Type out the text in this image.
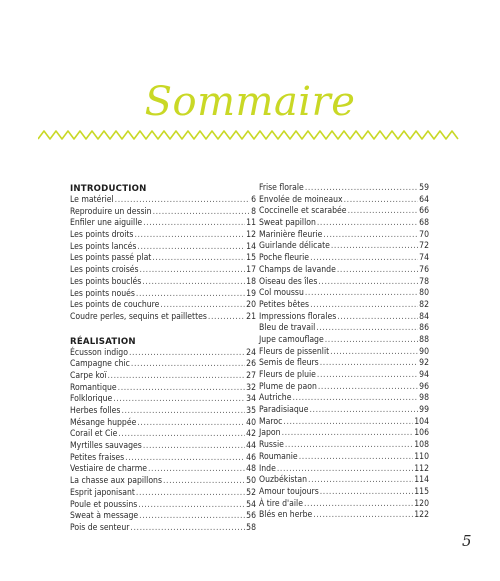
Sommaire
INTRODUCTION
Le matériel .....	6
Reproduire un dessin .....	8
Enfiler une aiguille .....	11
Les points droits .....	12
Les points lancés .....	14
Les points passé plat .....	15
Les points croisés .....	17
Les points bouclés .....	18
Les points noués .....	19
Les points de couchure .....	20
Coudre perles, sequins et paillettes .....	21
RÉALISATION
Écusson indigo .....	24
Campagne chic .....	26
Carpe koï .....	27
Romantique .....	32
Folklorique .....	34
Herbes folles .....	35
Mésange huppée .....	40
Corail et Cie .....	42
Myrtilles sauvages .....	44
Petites fraises .....	46
Vestiaire de charme .....	48
La chasse aux papillons .....	50
Esprit japonisant .....	52
Poule et poussins .....	54
Sweat à message .....	56
Pois de senteur .....	58
Frise florale .....	59
Envolée de moineaux .....	64
Coccinelle et scarabée .....	66
Sweat papillon .....	68
Marinière fleurie .....	70
Guirlande délicate .....	72
Poche fleurie .....	74
Champs de lavande .....	76
Oiseau des îles .....	78
Col moussu .....	80
Petites bêtes .....	82
Impressions florales .....	84
Bleu de travail .....	86
Jupe camouflage .....	88
Fleurs de pissenlit .....	90
Semis de fleurs .....	92
Fleurs de pluie .....	94
Plume de paon .....	96
Autriche .....	98
Paradisiaque .....	99
Maroc .....	104
Japon .....	106
Russie .....	108
Roumanie .....	110
Inde .....	112
Ouzbékistan .....	114
Amour toujours .....	115
À tire d'aile .....	120
Blés en herbe .....	122
5
